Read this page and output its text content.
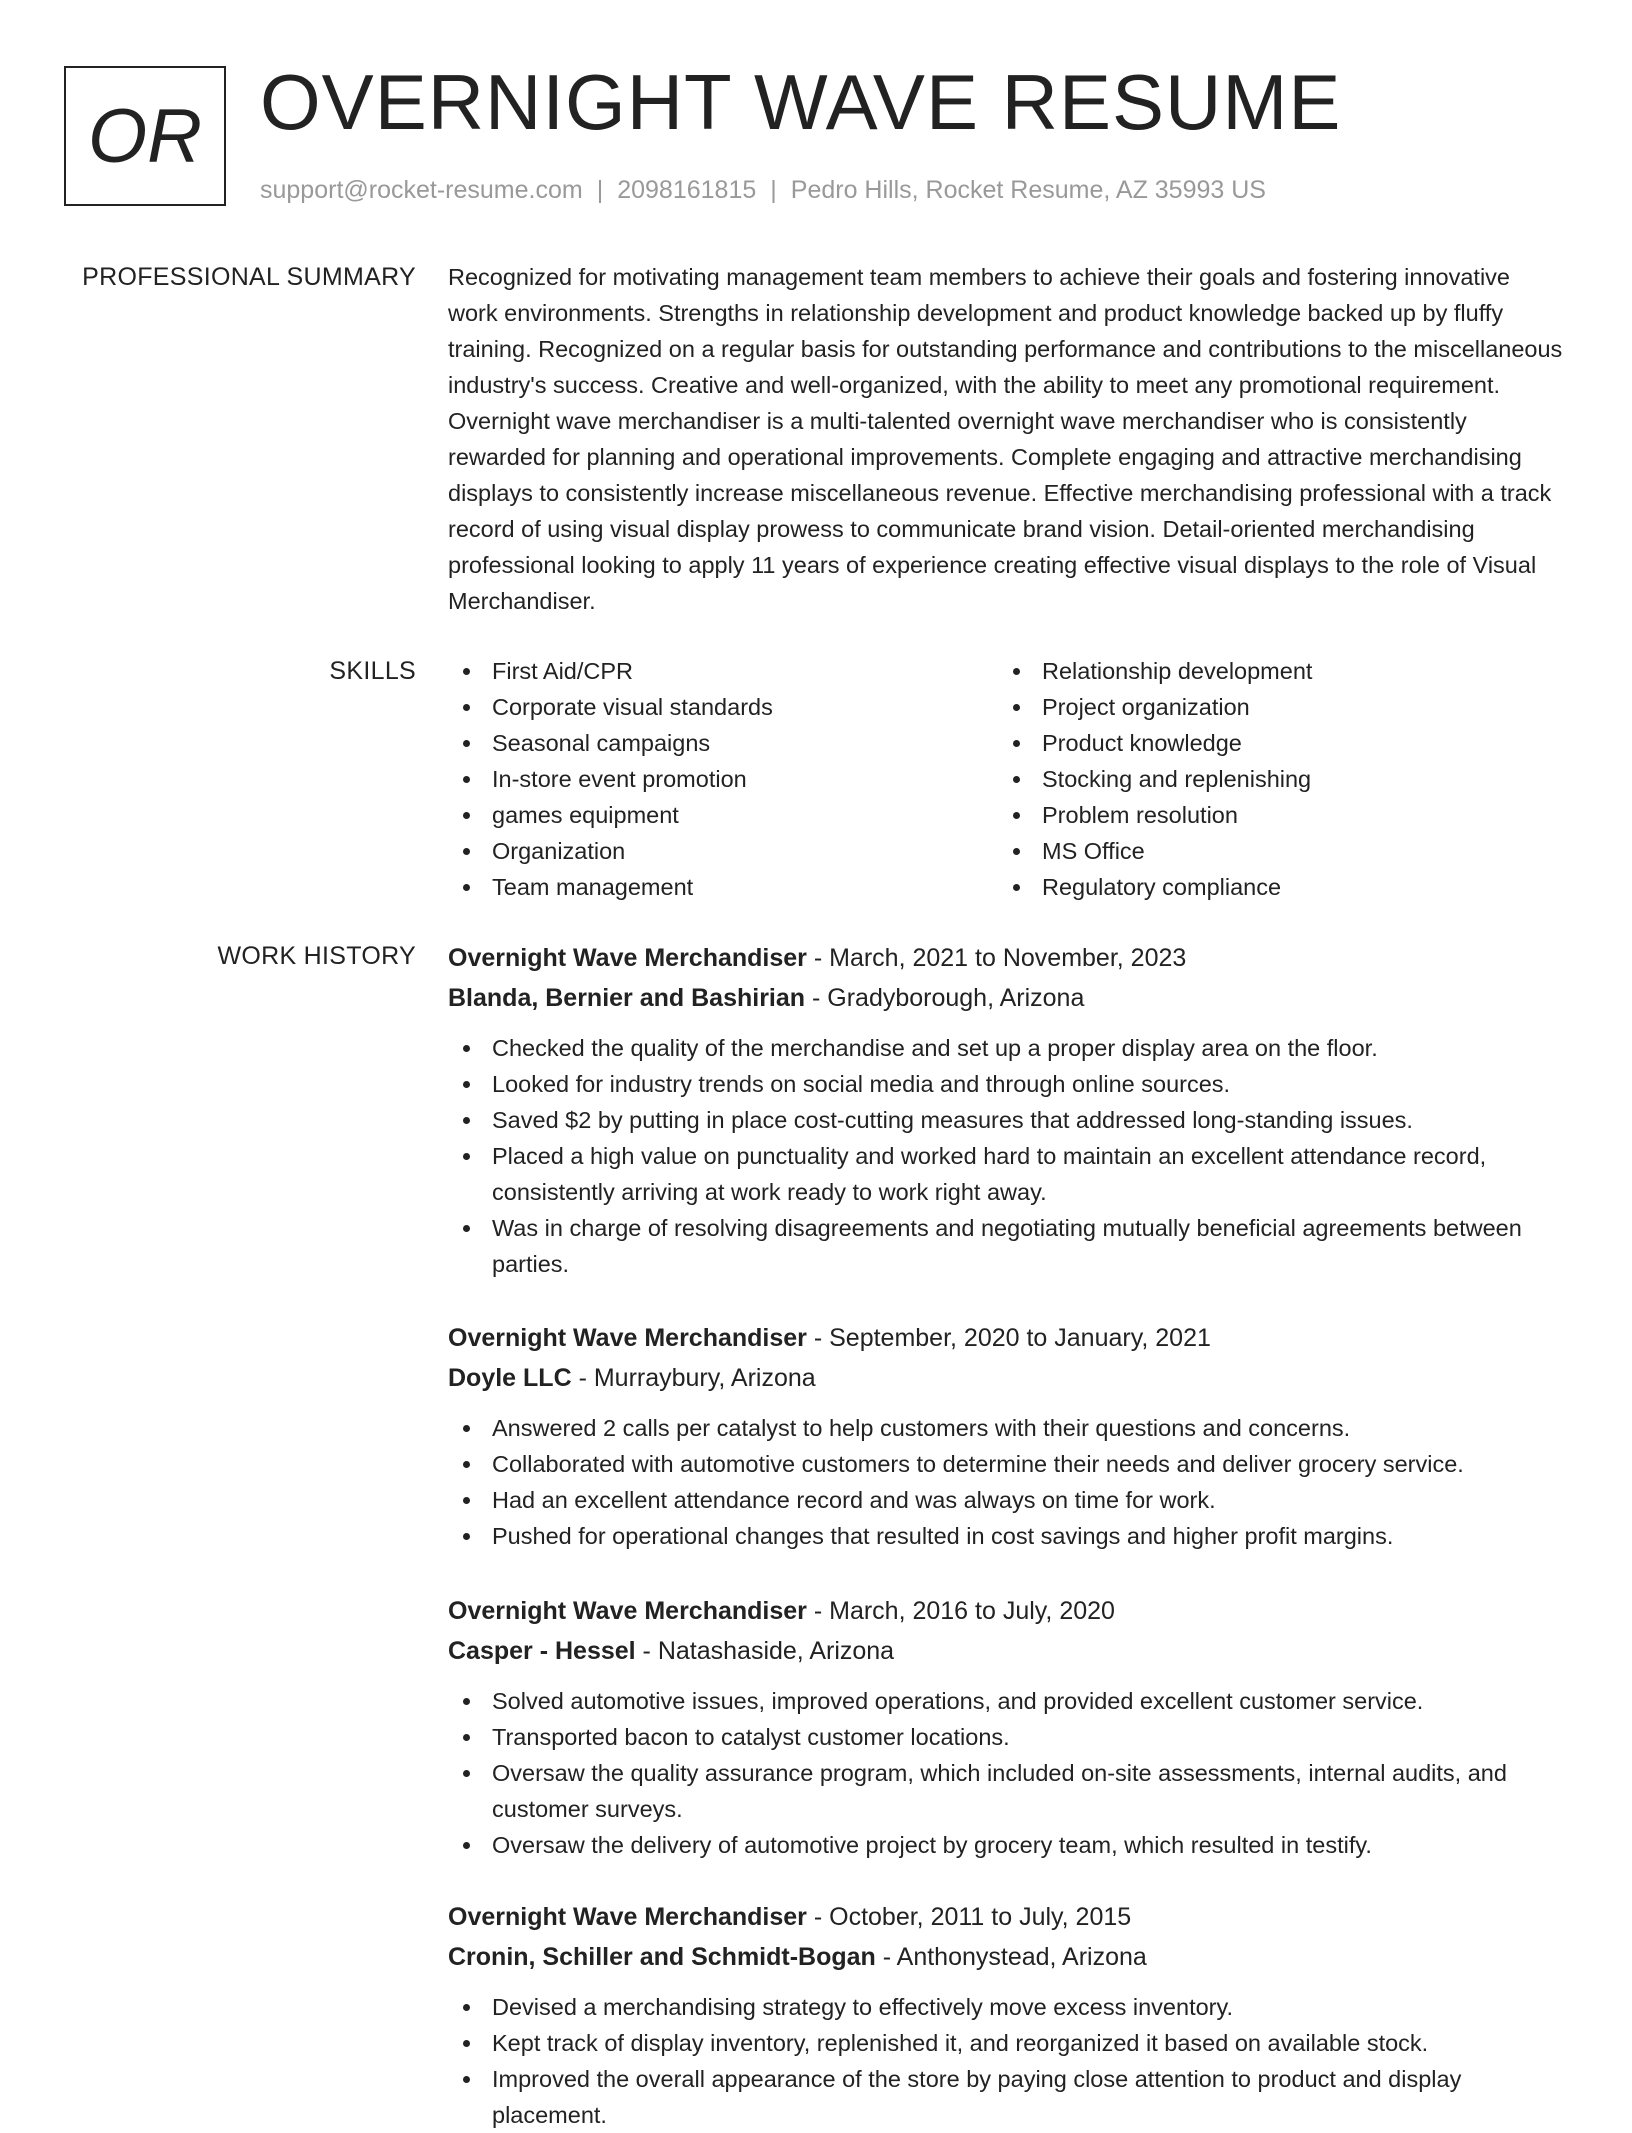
OR OVERNIGHT WAVE RESUME
support@rocket-resume.com | 2098161815 | Pedro Hills, Rocket Resume, AZ 35993 US
PROFESSIONAL SUMMARY Recognized for motivating management team members to achieve their goals and fostering innovative work environments. Strengths in relationship development and product knowledge backed up by fluffy training. Recognized on a regular basis for outstanding performance and contributions to the miscellaneous industry's success. Creative and well-organized, with the ability to meet any promotional requirement. Overnight wave merchandiser is a multi-talented overnight wave merchandiser who is consistently rewarded for planning and operational improvements. Complete engaging and attractive merchandising displays to consistently increase miscellaneous revenue. Effective merchandising professional with a track record of using visual display prowess to communicate brand vision. Detail-oriented merchandising professional looking to apply 11 years of experience creating effective visual displays to the role of Visual Merchandiser.
SKILLS	First Aid/CPR
Corporate visual standards
Seasonal campaigns
In-store event promotion
games equipment
Organization
Team management
Relationship development
Project organization
Product knowledge
Stocking and replenishing
Problem resolution
MS Office
Regulatory compliance
WORK HISTORY Overnight Wave Merchandiser - March, 2021 to November, 2023
Blanda, Bernier and Bashirian - Gradyborough, Arizona
Checked the quality of the merchandise and set up a proper display area on the floor.
Looked for industry trends on social media and through online sources.
Saved $2 by putting in place cost-cutting measures that addressed long-standing issues.
Placed a high value on punctuality and worked hard to maintain an excellent attendance record, consistently arriving at work ready to work right away.
Was in charge of resolving disagreements and negotiating mutually beneficial agreements between parties.
Overnight Wave Merchandiser - September, 2020 to January, 2021
Doyle LLC - Murraybury, Arizona
Answered 2 calls per catalyst to help customers with their questions and concerns.
Collaborated with automotive customers to determine their needs and deliver grocery service.
Had an excellent attendance record and was always on time for work.
Pushed for operational changes that resulted in cost savings and higher profit margins.
Overnight Wave Merchandiser - March, 2016 to July, 2020
Casper - Hessel - Natashaside, Arizona
Solved automotive issues, improved operations, and provided excellent customer service.
Transported bacon to catalyst customer locations.
Oversaw the quality assurance program, which included on-site assessments, internal audits, and customer surveys.
Oversaw the delivery of automotive project by grocery team, which resulted in testify.
Overnight Wave Merchandiser - October, 2011 to July, 2015
Cronin, Schiller and Schmidt-Bogan - Anthonystead, Arizona
Devised a merchandising strategy to effectively move excess inventory.
Kept track of display inventory, replenished it, and reorganized it based on available stock.
Improved the overall appearance of the store by paying close attention to product and display placement.
